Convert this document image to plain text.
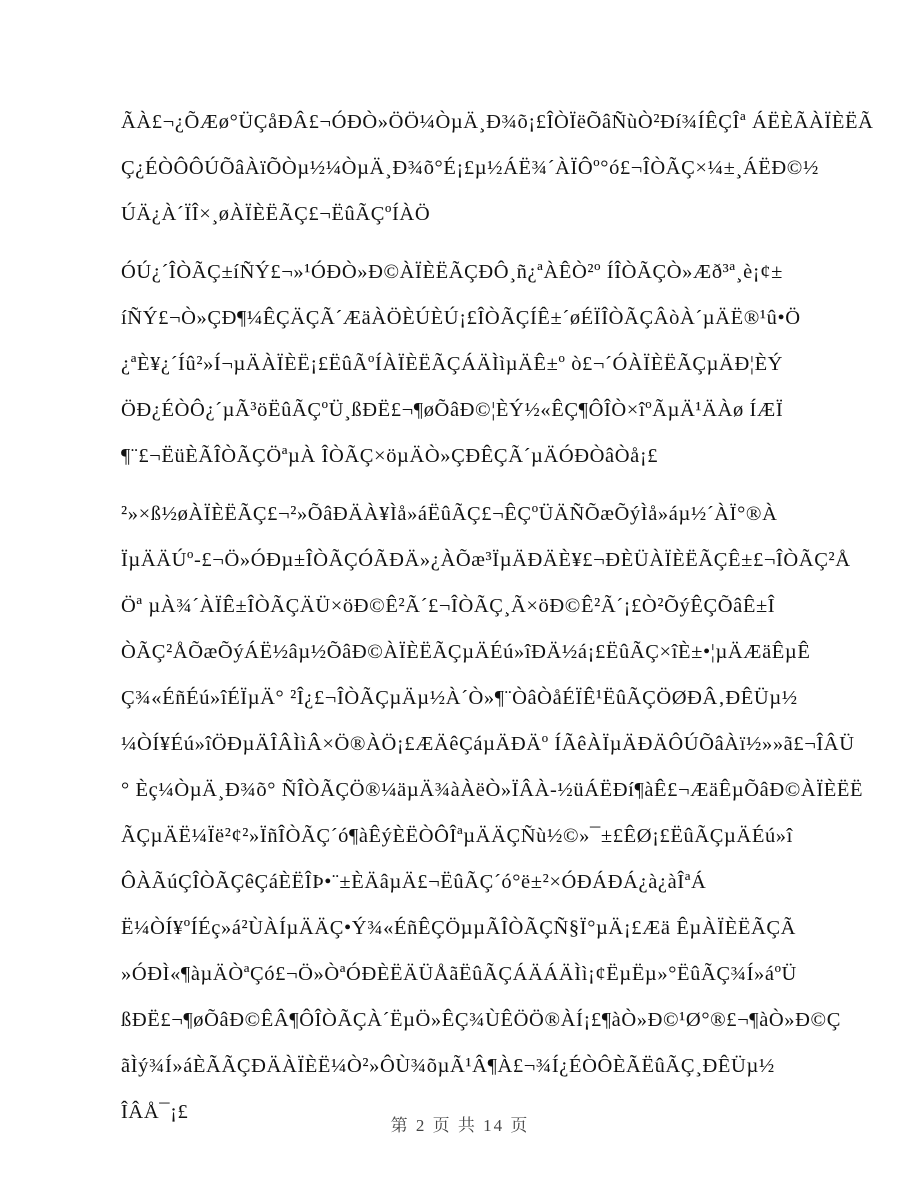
ÃÀ£¬¿ÕÆø°ÜÇåÐÂ£¬ÓÐÒ»ÖÖ¼ÒµÄ¸Ð¾õ¡£ÎÒÏëÕâÑùÒ²Ðí¾ÍÊÇÎª ÁËÈÃÀÏÈËÃ
Ç¿ÉÒÔÔÚÕâÀïÕÒµ½¼ÒµÄ¸Ð¾õ°É¡£µ½ÁË¾´ÀÏÔº°ó£¬ÎÒÃÇ×¼±¸ÁËÐ©½
ÚÄ¿À´ÏÎ×¸øÀÏÈËÃÇ£¬ËûÃÇºÍÀÖ
ÓÚ¿´ÎÒÃÇ±íÑÝ£¬»¹ÓÐÒ»Ð©ÀÏÈËÃÇÐÔ¸ñ¿ªÀÊÒ²º ÍÎÒÃÇÒ»Æð³ª¸è¡¢±
íÑÝ£¬Ò»ÇÐ¶¼ÊÇÄÇÃ´ÆäÀÖÈÚÈÚ¡£ÎÒÃÇÍÊ±´øÉÏÎÒÃÇÂòÀ´µÄË®¹û•Ö
¿ªÈ¥¿´Íû²»Í¬µÄÀÏÈË¡£ËûÃºÍÀÏÈËÃÇÁÄÌìµÄÊ±º ò£¬´ÓÀÏÈËÃÇµÄÐ¦ÈÝ
ÖÐ¿ÉÒÔ¿´µÃ³öËûÃÇºÜ¸ßÐË£¬¶øÕâÐ©¦ÈÝ½«ÊÇ¶ÔÎÒ×îºÃµÄ¹ÄÀø ÍÆÏ
¶¨£¬ËüÈÃÎÒÃÇÖªµÀ ÎÒÃÇ×öµÄÒ»ÇÐÊÇÃ´µÄÓÐÒâÒå¡£
²»×ß½øÀÏÈËÃÇ£¬²»ÕâÐÄÀ¥Ìå»áËûÃÇ£¬ÊÇºÜÄÑÕæÕýÌå»áµ½´ÀÏ°®À
ÏµÄÄÚº-£¬Ö»ÓÐµ±ÎÒÃÇÓÃÐÄ»¿ÀÕæ³ÏµÄÐÄÈ¥£¬ÐÈÜÀÏÈËÃÇÊ±£¬ÎÒÃÇ²Å
Öª µÀ¾´ÀÏÊ±ÎÒÃÇÄÜ×öÐ©Ê²Ã´£¬ÎÒÃÇ¸Ã×öÐ©Ê²Ã´¡£Ò²ÕýÊÇÕâÊ±Î
ÒÃÇ²ÅÕæÕýÁË½âµ½ÕâÐ©ÀÏÈËÃÇµÄÉú»îÐÄ½á¡£ËûÃÇ×îÈ±•¦µÄÆäÊµÊ
Ç¾«ÉñÉú»îÉÏµÄ° ²Î¿£¬ÎÒÃÇµÄµ½À´Ò»¶¨ÒâÒåÉÏÊ¹ËûÃÇÖØÐÂ‚ÐÊÜµ½
¼ÒÍ¥Éú»îÖÐµÄÎÂÌìÂ×Ö®ÀÖ¡£ÆÄêÇáµÄÐÄº ÍÃêÀÏµÄÐÄÔÚÕâÀï½»»ã£¬ÎÂÜ
° Èç¼ÒµÄ¸Ð¾õ° ÑÎÒÃÇÖ®¼äµÄ¾àÀëÒ»ÏÂÀ-½üÁËÐí¶àÊ£¬ÆäÊµÕâÐ©ÀÏÈËË
ÃÇµÄË¼Ïë²¢²»ÏñÎÒÃÇ´ó¶àÊýÈËÒÔÎªµÄÄÇÑù½©»¯±£ÊØ¡£ËûÃÇµÄÉú»î
ÔÀÃúÇÎÒÃÇêÇáÈËÎÞ•¨±ÈÄâµÄ£¬ËûÃÇ´ó°ë±²×ÓÐÁÐÁ¿à¿àÎªÁ
Ë¼ÒÍ¥ºÍÉç»á²ÙÀÍµÄÄÇ•Ý¾«ÉñÊÇÖµµÃÎÒÃÇÑ§Ï°µÄ¡£Æä ÊµÀÏÈËÃÇÃ
»ÓÐÌ«¶àµÄÒªÇó£¬Ö»ÒªÓÐÈËÄÜÅãËûÃÇÁÄÁÄÌì¡¢ËµËµ»°ËûÃÇ¾Í»áºÜ
ßÐË£¬¶øÕâÐ©ÊÂ¶ÔÎÒÃÇÀ´ËµÖ»ÊÇ¾ÙÊÖÖ®ÀÍ¡£¶àÒ»Ð©¹Ø°®£¬¶àÒ»Ð©Ç
ãÌý¾Í»áÈÃÃÇÐÄÀÏÈË¼Ò²»ÔÙ¾õµÃ¹Â¶À£¬¾Í¿ÉÒÔÈÃËûÃÇ¸ÐÊÜµ½
ÎÂÅ¯¡£
第 2 页 共 14 页
